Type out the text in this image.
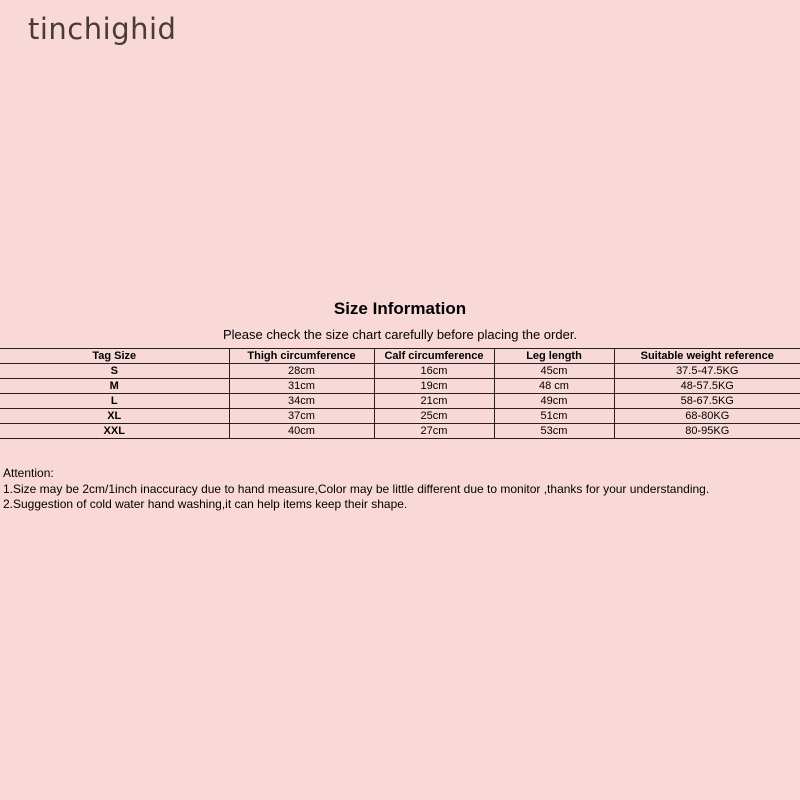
tinchighid
Size Information
Please check the size chart carefully before placing the order.
Tag Size	Thigh circumference	Calf circumference	Leg length	Suitable weight reference
S	28cm	16cm	45cm	37.5-47.5KG
M	31cm	19cm	48 cm	48-57.5KG
L	34cm	21cm	49cm	58-67.5KG
XL	37cm	25cm	51cm	68-80KG
XXL	40cm	27cm	53cm	80-95KG
Attention:
1.Size may be 2cm/1inch inaccuracy due to hand measure,Color may be little different due to monitor ,thanks for your understanding.
2.Suggestion of cold water hand washing,it can help items keep their shape.
